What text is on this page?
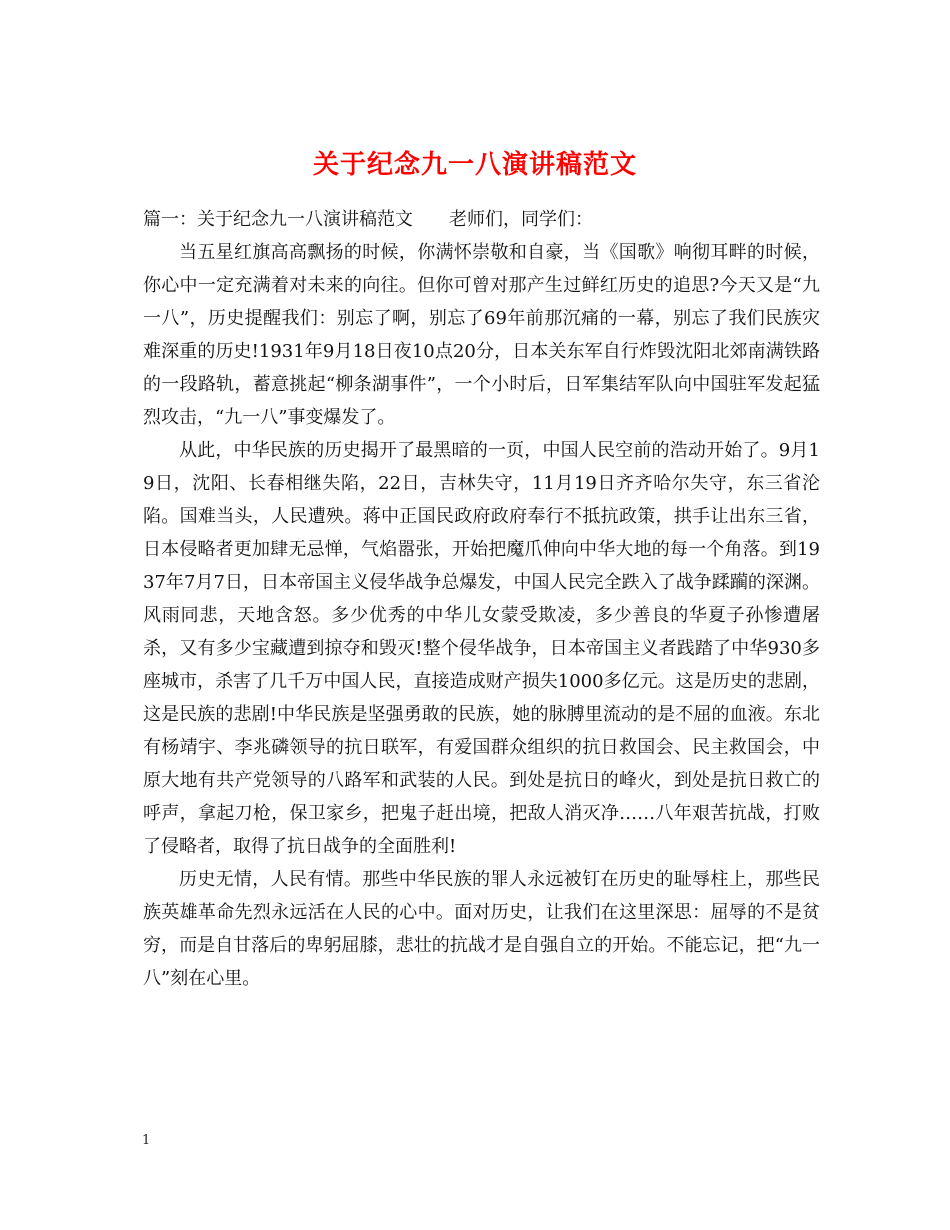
关于纪念九一八演讲稿范文

篇一：关于纪念九一八演讲稿范文　　老师们，同学们：

当五星红旗高高飘扬的时候，你满怀崇敬和自豪，当《国歌》响彻耳畔的时候，你心中一定充满着对未来的向往。但你可曾对那产生过鲜红历史的追思?今天又是“九一八”，历史提醒我们：别忘了啊，别忘了69年前那沉痛的一幕，别忘了我们民族灾难深重的历史!1931年9月18日夜10点20分，日本关东军自行炸毁沈阳北郊南满铁路的一段路轨，蓄意挑起“柳条湖事件”，一个小时后，日军集结军队向中国驻军发起猛烈攻击，“九一八”事变爆发了。

从此，中华民族的历史揭开了最黑暗的一页，中国人民空前的浩动开始了。9月19日，沈阳、长春相继失陷，22日，吉林失守，11月19日齐齐哈尔失守，东三省沦陷。国难当头，人民遭殃。蒋中正国民政府政府奉行不抵抗政策，拱手让出东三省，日本侵略者更加肆无忌惮，气焰嚣张，开始把魔爪伸向中华大地的每一个角落。到1937年7月7日，日本帝国主义侵华战争总爆发，中国人民完全跌入了战争蹂躏的深渊。风雨同悲，天地含怒。多少优秀的中华儿女蒙受欺凌，多少善良的华夏子孙惨遭屠杀，又有多少宝藏遭到掠夺和毁灭!整个侵华战争，日本帝国主义者践踏了中华930多座城市，杀害了几千万中国人民，直接造成财产损失1000多亿元。这是历史的悲剧，这是民族的悲剧!中华民族是坚强勇敢的民族，她的脉膊里流动的是不屈的血液。东北有杨靖宇、李兆磷领导的抗日联军，有爱国群众组织的抗日救国会、民主救国会，中原大地有共产党领导的八路军和武装的人民。到处是抗日的峰火，到处是抗日救亡的呼声，拿起刀枪，保卫家乡，把鬼子赶出境，把敌人消灭净……八年艰苦抗战，打败了侵略者，取得了抗日战争的全面胜利!

历史无情，人民有情。那些中华民族的罪人永远被钉在历史的耻辱柱上，那些民族英雄革命先烈永远活在人民的心中。面对历史，让我们在这里深思：屈辱的不是贫穷，而是自甘落后的卑躬屈膝，悲壮的抗战才是自强自立的开始。不能忘记，把“九一八”刻在心里。

1
